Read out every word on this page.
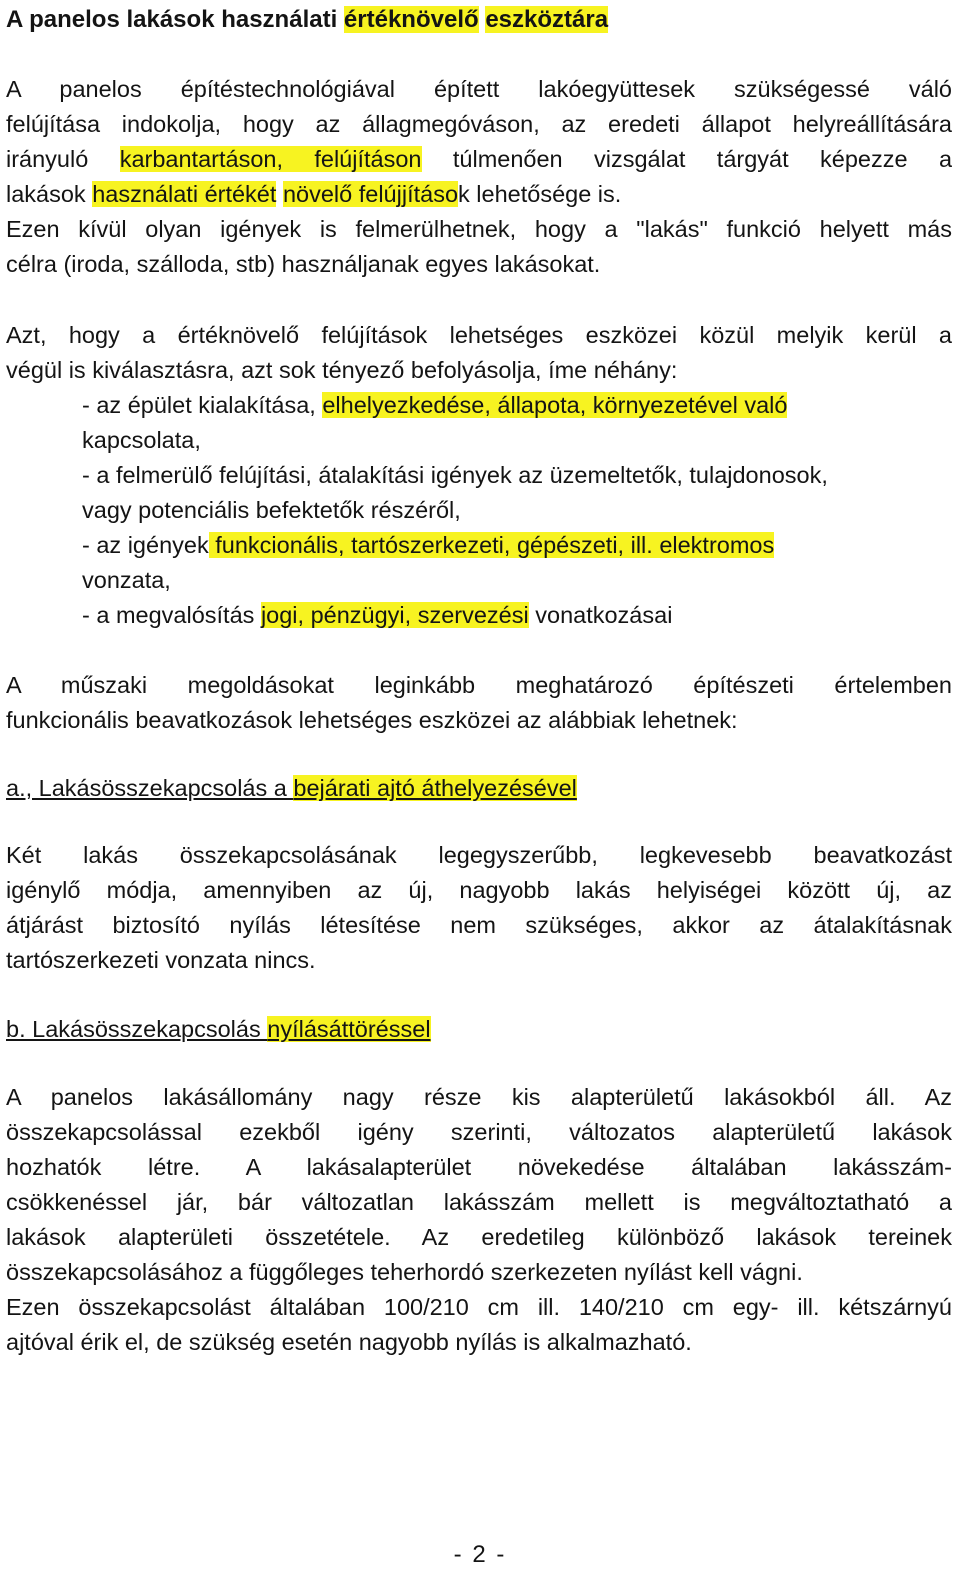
A panelos lakások használati értéknövelő eszköztára
A panelos építéstechnológiával épített lakóegyüttesek szükségessé váló
felújítása indokolja, hogy az állagmegóváson, az eredeti állapot helyreállítására
irányuló karbantartáson, felújításon túlmenően vizsgálat tárgyát képezze a
lakások használati értékét növelő felújjítások lehetősége is.
Ezen kívül olyan igények is felmerülhetnek, hogy a "lakás" funkció helyett más
célra (iroda, szálloda, stb) használjanak egyes lakásokat.
Azt, hogy a értéknövelő felújítások lehetséges eszközei közül melyik kerül a
végül is kiválasztásra, azt sok tényező befolyásolja, íme néhány:
- az épület kialakítása, elhelyezkedése, állapota, környezetével való
kapcsolata,
- a felmerülő felújítási, átalakítási igények az üzemeltetők, tulajdonosok,
vagy potenciális befektetők részéről,
- az igények funkcionális, tartószerkezeti, gépészeti, ill. elektromos
vonzata,
- a megvalósítás jogi, pénzügyi, szervezési vonatkozásai
A műszaki megoldásokat leginkább meghatározó építészeti értelemben
funkcionális beavatkozások lehetséges eszközei az alábbiak lehetnek:
a., Lakásösszekapcsolás a bejárati ajtó áthelyezésével
Két lakás összekapcsolásának legegyszerűbb, legkevesebb beavatkozást
igénylő módja, amennyiben az új, nagyobb lakás helyiségei között új, az
átjárást biztosító nyílás létesítése nem szükséges, akkor az átalakításnak
tartószerkezeti vonzata nincs.
b. Lakásösszekapcsolás nyílásáttöréssel
A panelos lakásállomány nagy része kis alapterületű lakásokból áll. Az
összekapcsolással ezekből igény szerinti, változatos alapterületű lakások
hozhatók létre. A lakásalapterület növekedése általában lakásszám-
csökkenéssel jár, bár változatlan lakásszám mellett is megváltoztatható a
lakások alapterületi összetétele. Az eredetileg különböző lakások tereinek
összekapcsolásához a függőleges teherhordó szerkezeten nyílást kell vágni.
Ezen összekapcsolást általában 100/210 cm ill. 140/210 cm egy- ill. kétszárnyú
ajtóval érik el, de szükség esetén nagyobb nyílás is alkalmazható.
- 2 -
